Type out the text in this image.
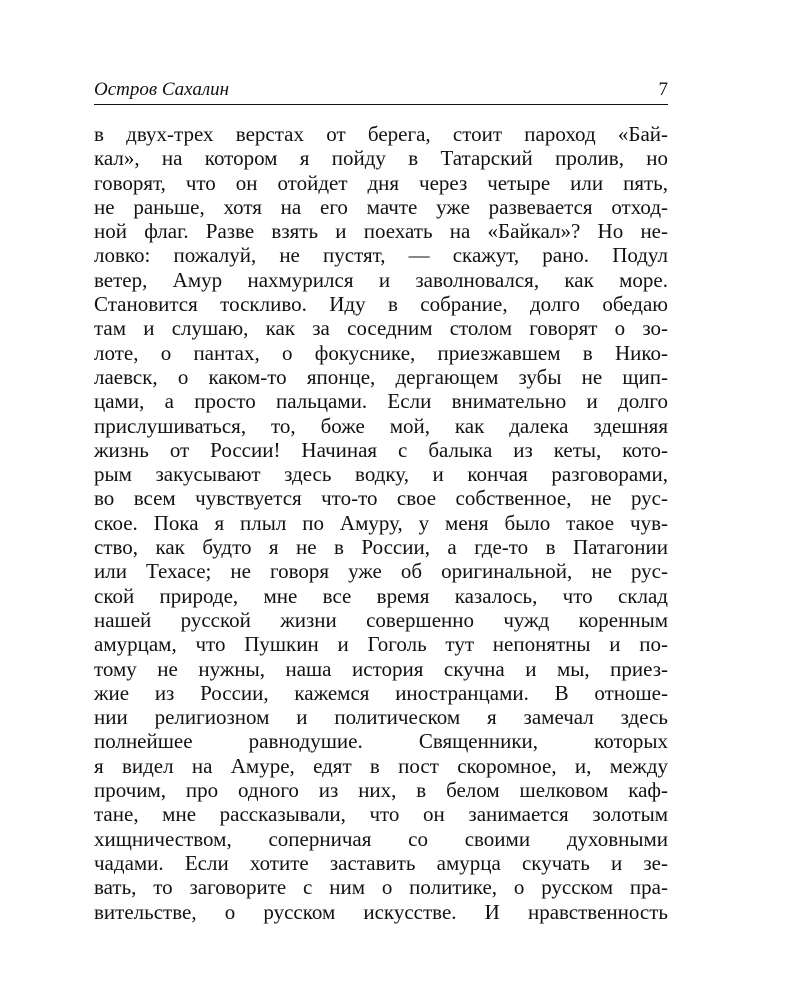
Остров Сахалин	7
в двух-трех верстах от берега, стоит пароход «Бай-
кал», на котором я пойду в Татарский пролив, но
говорят, что он отойдет дня через четыре или пять,
не раньше, хотя на его мачте уже развевается отход-
ной флаг. Разве взять и поехать на «Байкал»? Но не-
ловко: пожалуй, не пустят, — скажут, рано. Подул
ветер, Амур нахмурился и заволновался, как море.
Становится тоскливо. Иду в собрание, долго обедаю
там и слушаю, как за соседним столом говорят о зо-
лоте, о пантах, о фокуснике, приезжавшем в Нико-
лаевск, о каком-то японце, дергающем зубы не щип-
цами, а просто пальцами. Если внимательно и долго
прислушиваться, то, боже мой, как далека здешняя
жизнь от России! Начиная с балыка из кеты, кото-
рым закусывают здесь водку, и кончая разговорами,
во всем чувствуется что-то свое собственное, не рус-
ское. Пока я плыл по Амуру, у меня было такое чув-
ство, как будто я не в России, а где-то в Патагонии
или Техасе; не говоря уже об оригинальной, не рус-
ской природе, мне все время казалось, что склад
нашей русской жизни совершенно чужд коренным
амурцам, что Пушкин и Гоголь тут непонятны и по-
тому не нужны, наша история скучна и мы, приез-
жие из России, кажемся иностранцами. В отноше-
нии религиозном и политическом я замечал здесь
полнейшее равнодушие. Священники, которых
я видел на Амуре, едят в пост скоромное, и, между
прочим, про одного из них, в белом шелковом каф-
тане, мне рассказывали, что он занимается золотым
хищничеством, соперничая со своими духовными
чадами. Если хотите заставить амурца скучать и зе-
вать, то заговорите с ним о политике, о русском пра-
вительстве, о русском искусстве. И нравственность
